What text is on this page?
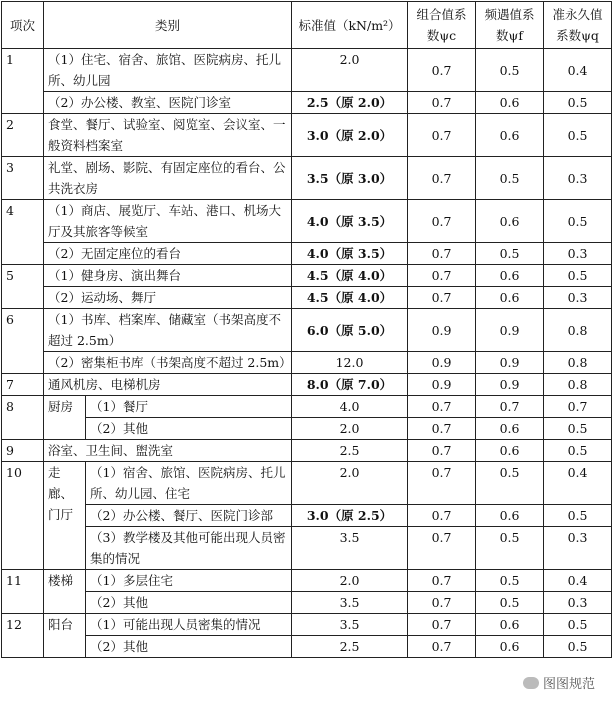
项次	类别		标准值（kN/m²）	组合值系数ψc	频遇值系数ψf	准永久值系数ψq
1	（1）住宅、宿舍、旅馆、医院病房、托儿所、幼儿园		2.0	0.7	0.5	0.4
	（2）办公楼、教室、医院门诊室		2.5（原 2.0）	0.7	0.6	0.5
2	食堂、餐厅、试验室、阅览室、会议室、一般资料档案室		3.0（原 2.0）	0.7	0.6	0.5
3	礼堂、剧场、影院、有固定座位的看台、公共洗衣房		3.5（原 3.0）	0.7	0.5	0.3
4	（1）商店、展览厅、车站、港口、机场大厅及其旅客等候室		4.0（原 3.5）	0.7	0.6	0.5
	（2）无固定座位的看台		4.0（原 3.5）	0.7	0.5	0.3
5	（1）健身房、演出舞台		4.5（原 4.0）	0.7	0.6	0.5
	（2）运动场、舞厅		4.5（原 4.0）	0.7	0.6	0.3
6	（1）书库、档案库、储藏室（书架高度不超过 2.5m）		6.0（原 5.0）	0.9	0.9	0.8
	（2）密集柜书库（书架高度不超过 2.5m）		12.0	0.9	0.9	0.8
7	通风机房、电梯机房		8.0（原 7.0）	0.9	0.9	0.8
8	厨房	（1）餐厅	4.0	0.7	0.7	0.7
		（2）其他	2.0	0.7	0.6	0.5
9	浴室、卫生间、盥洗室		2.5	0.7	0.6	0.5
10	走廊、门厅	（1）宿舍、旅馆、医院病房、托儿所、幼儿园、住宅	2.0	0.7	0.5	0.4
		（2）办公楼、餐厅、医院门诊部	3.0（原 2.5）	0.7	0.6	0.5
		（3）教学楼及其他可能出现人员密集的情况	3.5	0.7	0.5	0.3
11	楼梯	（1）多层住宅	2.0	0.7	0.5	0.4
		（2）其他	3.5	0.7	0.5	0.3
12	阳台	（1）可能出现人员密集的情况	3.5	0.7	0.6	0.5
		（2）其他	2.5	0.7	0.6	0.5
图图规范
